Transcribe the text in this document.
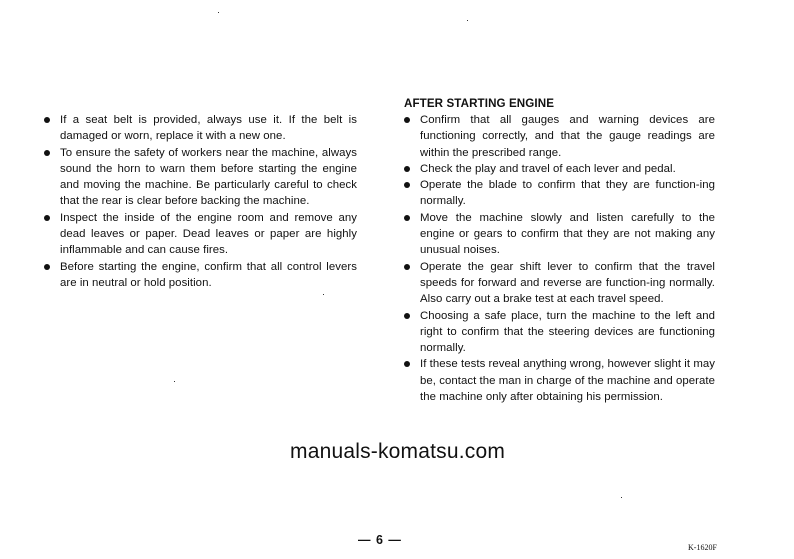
If a seat belt is provided, always use it. If the belt is damaged or worn, replace it with a new one.
To ensure the safety of workers near the machine, always sound the horn to warn them before starting the engine and moving the machine. Be particularly careful to check that the rear is clear before backing the machine.
Inspect the inside of the engine room and remove any dead leaves or paper. Dead leaves or paper are highly inflammable and can cause fires.
Before starting the engine, confirm that all control levers are in neutral or hold position.
AFTER STARTING ENGINE
Confirm that all gauges and warning devices are functioning correctly, and that the gauge readings are within the prescribed range.
Check the play and travel of each lever and pedal.
Operate the blade to confirm that they are function-ing normally.
Move the machine slowly and listen carefully to the engine or gears to confirm that they are not making any unusual noises.
Operate the gear shift lever to confirm that the travel speeds for forward and reverse are function-ing normally. Also carry out a brake test at each travel speed.
Choosing a safe place, turn the machine to the left and right to confirm that the steering devices are functioning normally.
If these tests reveal anything wrong, however slight it may be, contact the man in charge of the machine and operate the machine only after obtaining his permission.
manuals-komatsu.com
— 6 —
K-1620F
